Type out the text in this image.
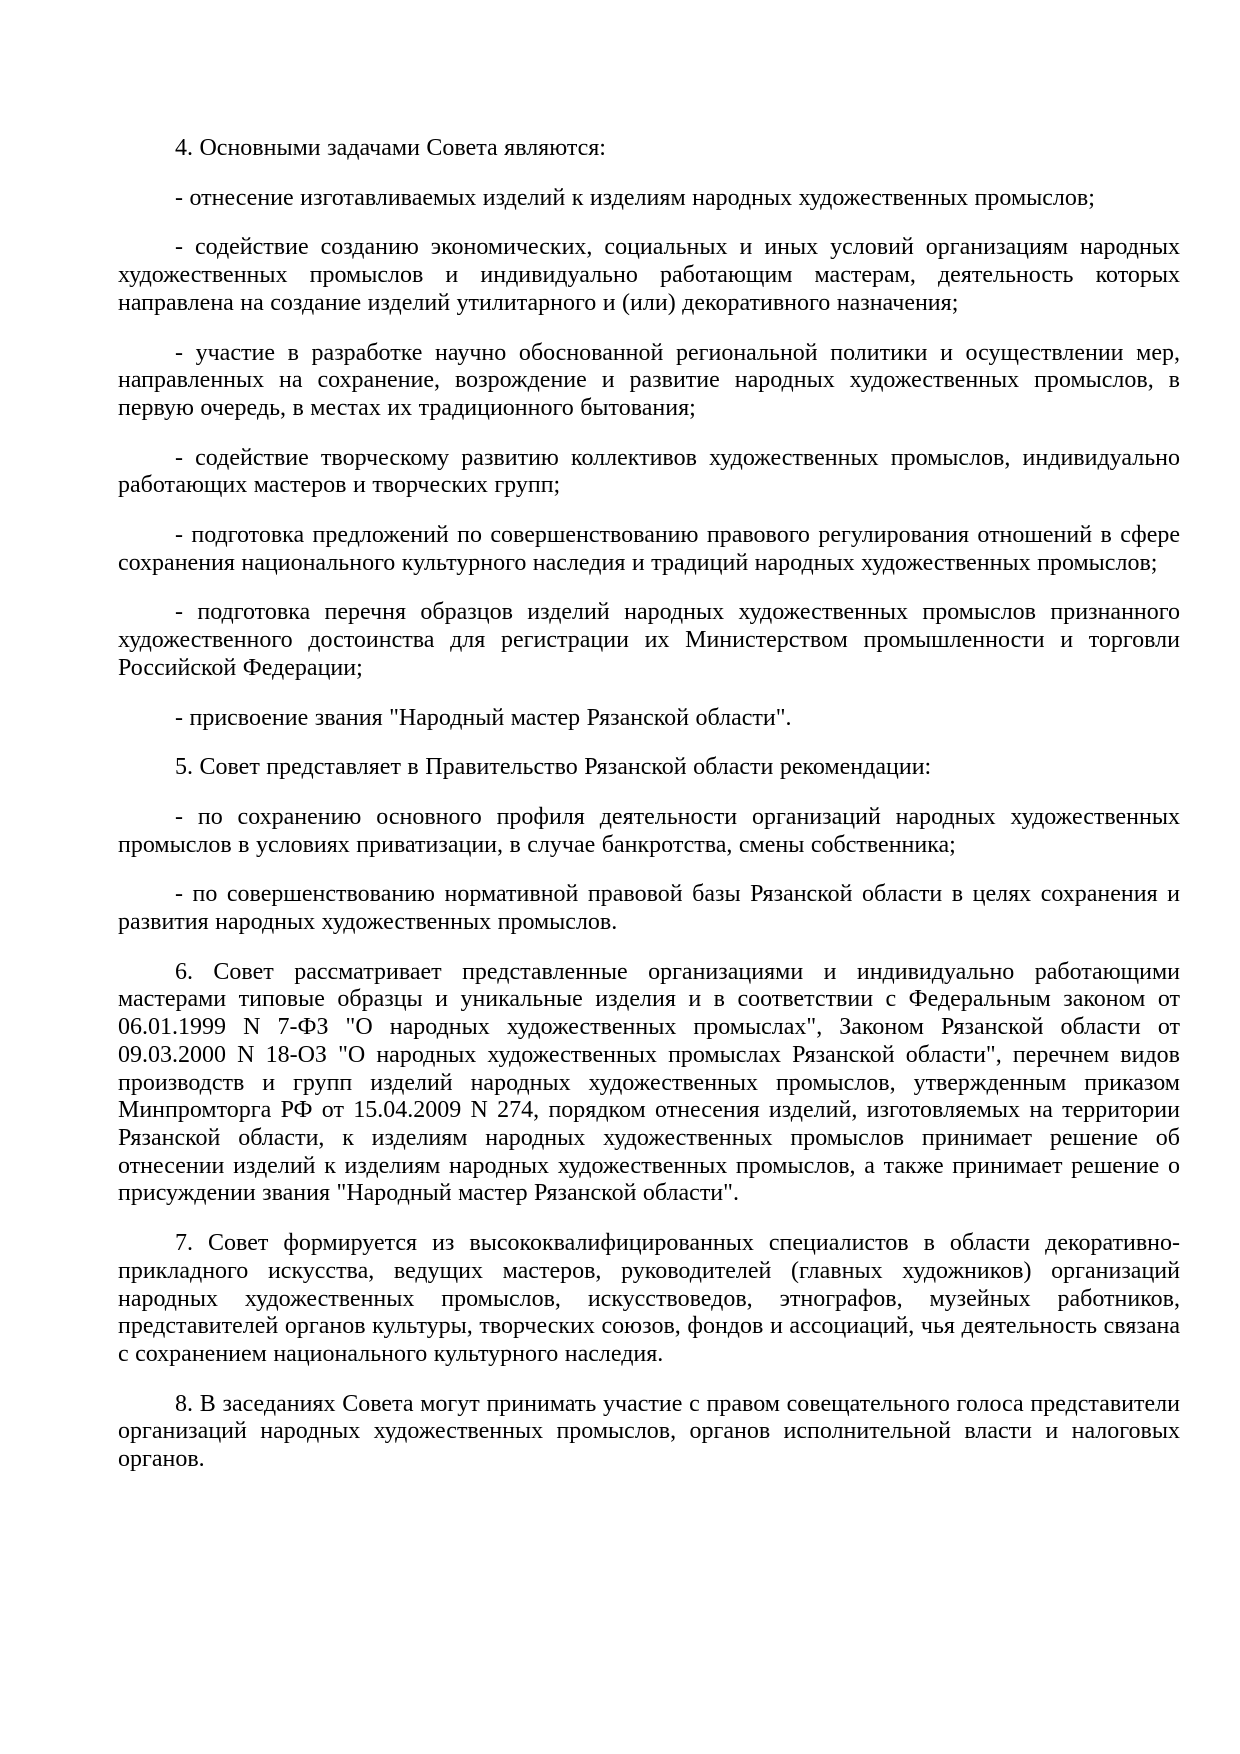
4. Основными задачами Совета являются:

- отнесение изготавливаемых изделий к изделиям народных художественных промыслов;

- содействие созданию экономических, социальных и иных условий организациям народных художественных промыслов и индивидуально работающим мастерам, деятельность которых направлена на создание изделий утилитарного и (или) декоративного назначения;

- участие в разработке научно обоснованной региональной политики и осуществлении мер, направленных на сохранение, возрождение и развитие народных художественных промыслов, в первую очередь, в местах их традиционного бытования;

- содействие творческому развитию коллективов художественных промыслов, индивидуально работающих мастеров и творческих групп;

- подготовка предложений по совершенствованию правового регулирования отношений в сфере сохранения национального культурного наследия и традиций народных художественных промыслов;

- подготовка перечня образцов изделий народных художественных промыслов признанного художественного достоинства для регистрации их Министерством промышленности и торговли Российской Федерации;

- присвоение звания "Народный мастер Рязанской области".

5. Совет представляет в Правительство Рязанской области рекомендации:

- по сохранению основного профиля деятельности организаций народных художественных промыслов в условиях приватизации, в случае банкротства, смены собственника;

- по совершенствованию нормативной правовой базы Рязанской области в целях сохранения и развития народных художественных промыслов.

6. Совет рассматривает представленные организациями и индивидуально работающими мастерами типовые образцы и уникальные изделия и в соответствии с Федеральным законом от 06.01.1999 N 7-ФЗ "О народных художественных промыслах", Законом Рязанской области от 09.03.2000 N 18-ОЗ "О народных художественных промыслах Рязанской области", перечнем видов производств и групп изделий народных художественных промыслов, утвержденным приказом Минпромторга РФ от 15.04.2009 N 274, порядком отнесения изделий, изготовляемых на территории Рязанской области, к изделиям народных художественных промыслов принимает решение об отнесении изделий к изделиям народных художественных промыслов, а также принимает решение о присуждении звания "Народный мастер Рязанской области".

7. Совет формируется из высококвалифицированных специалистов в области декоративно-прикладного искусства, ведущих мастеров, руководителей (главных художников) организаций народных художественных промыслов, искусствоведов, этнографов, музейных работников, представителей органов культуры, творческих союзов, фондов и ассоциаций, чья деятельность связана с сохранением национального культурного наследия.

8. В заседаниях Совета могут принимать участие с правом совещательного голоса представители организаций народных художественных промыслов, органов исполнительной власти и налоговых органов.
